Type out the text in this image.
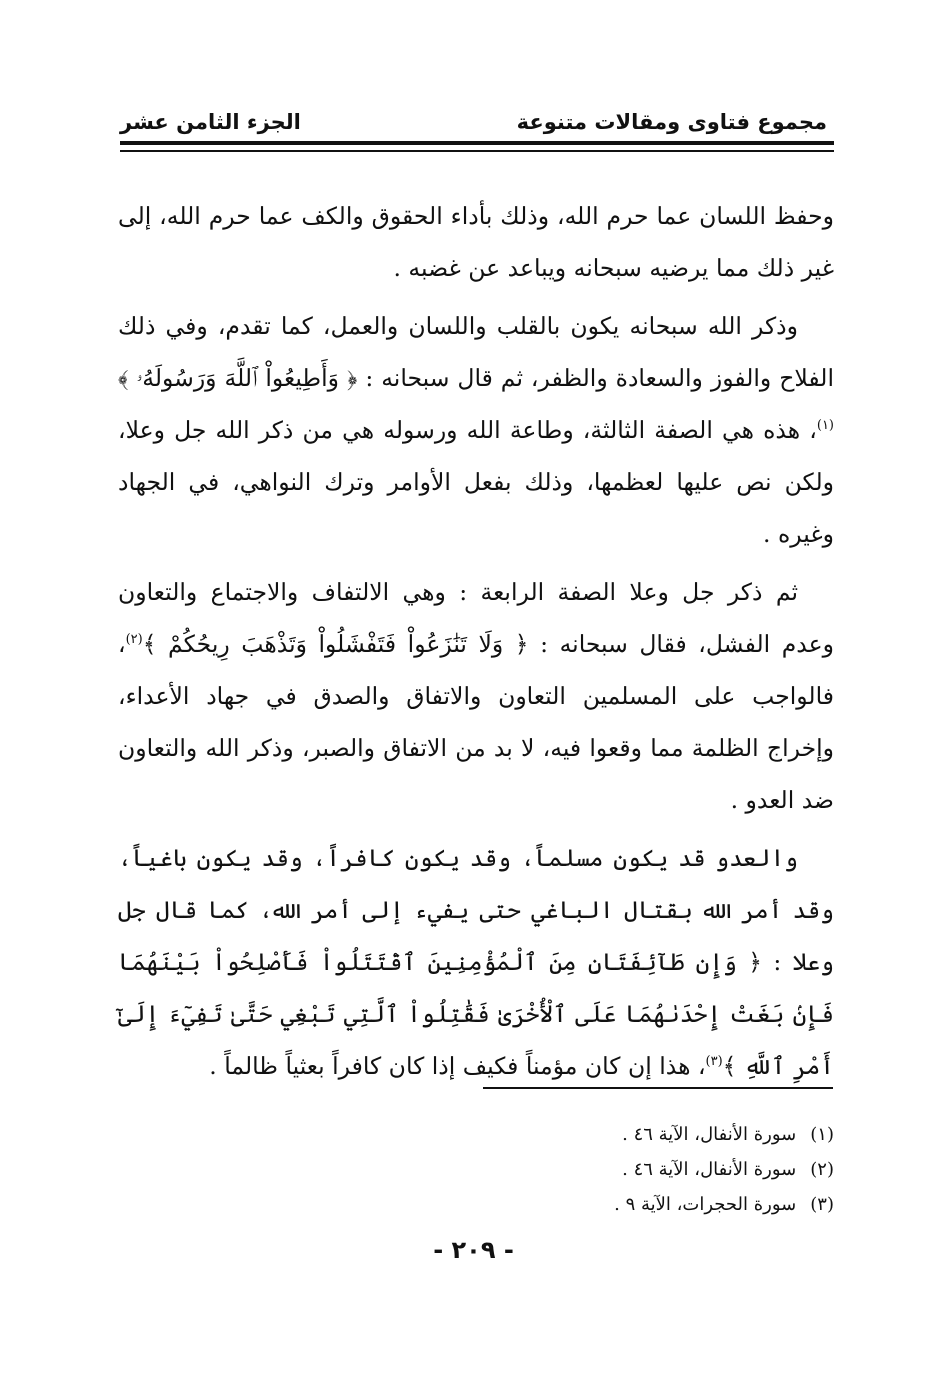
مجموع فتاوى ومقالات متنوعة
الجزء الثامن عشر

وحفظ اللسان عما حرم الله، وذلك بأداء الحقوق والكف عما حرم الله، إلى غير ذلك مما يرضيه سبحانه ويباعد عن غضبه .

وذكر الله سبحانه يكون بالقلب واللسان والعمل، كما تقدم، وفي ذلك الفلاح والفوز والسعادة والظفر، ثم قال سبحانه : ﴿ وَأَطِيعُواْ ٱللَّهَ وَرَسُولَهُۥ ﴾$^{(١)}$، هذه هي الصفة الثالثة، وطاعة الله ورسوله هي من ذكر الله جل وعلا، ولكن نص عليها لعظمها، وذلك بفعل الأوامر وترك النواهي، في الجهاد وغيره .

ثم ذكر جل وعلا الصفة الرابعة : وهي الالتفاف والاجتماع والتعاون وعدم الفشل، فقال سبحانه : ﴿ وَلَا تَنَٰزَعُواْ فَتَفْشَلُواْ وَتَذْهَبَ رِيحُكُمْ ﴾$^{(٢)}$، فالواجب على المسلمين التعاون والاتفاق والصدق في جهاد الأعداء، وإخراج الظلمة مما وقعوا فيه، لا بد من الاتفاق والصبر، وذكر الله والتعاون ضد العدو .

والعدو قد يكون مسلماً، وقد يكون كافراً، وقد يكون باغياً، وقد أمر الله بقتال الباغي حتى يفيء إلى أمر الله، كما قال جل وعلا : ﴿ وَإِن طَآئِفَتَانِ مِنَ ٱلْمُؤْمِنِينَ ٱقْتَتَلُواْ فَأَصْلِحُواْ بَيْنَهُمَا فَإِنۢ بَغَتْ إِحْدَىٰهُمَا عَلَى ٱلْأُخْرَىٰ فَقَٰتِلُواْ ٱلَّتِي تَبْغِي حَتَّىٰ تَفِيٓءَ إِلَىٰٓ أَمْرِ ٱللَّهِ ﴾$^{(٣)}$، هذا إن كان مؤمناً فكيف إذا كان كافراً بعثياً ظالماً .

(١)سورة الأنفال، الآية ٤٦ .
(٢)سورة الأنفال، الآية ٤٦ .
(٣)سورة الحجرات، الآية ٩ .
- ٢٠٩ -
